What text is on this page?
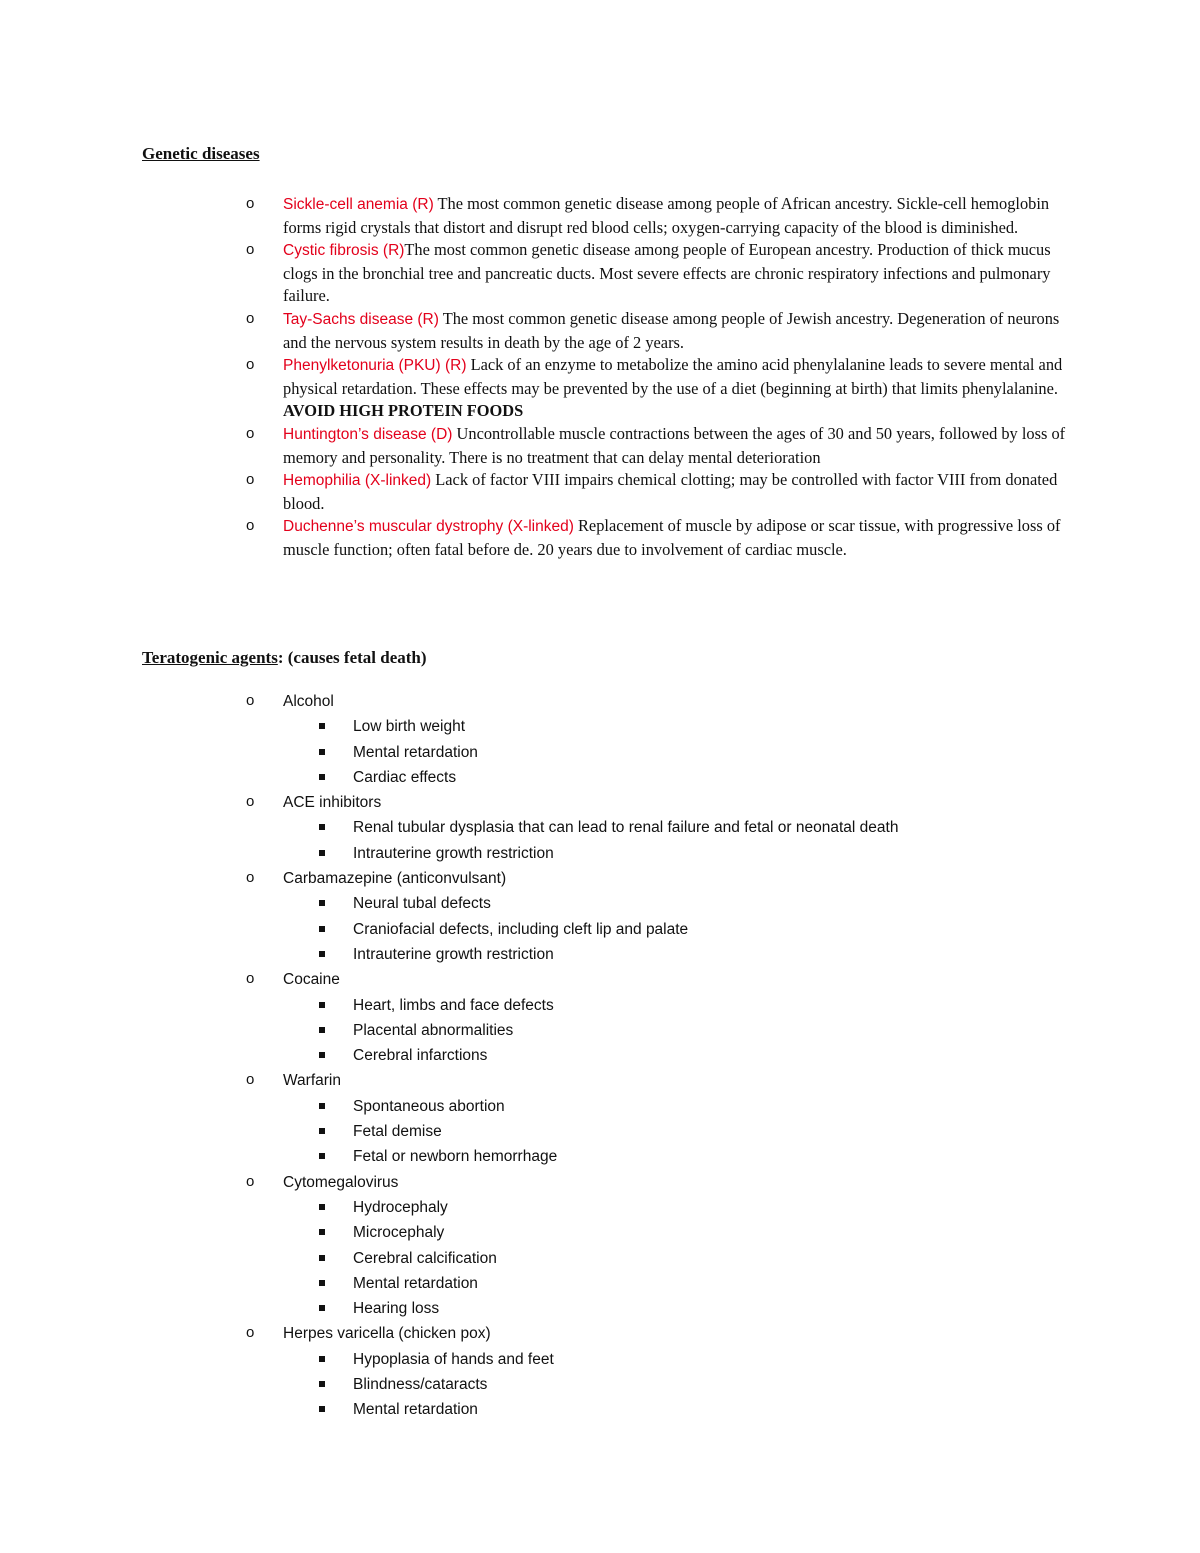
Genetic diseases
o Sickle-cell anemia (R) The most common genetic disease among people of African ancestry. Sickle-cell hemoglobin forms rigid crystals that distort and disrupt red blood cells; oxygen-carrying capacity of the blood is diminished.
o Cystic fibrosis (R)The most common genetic disease among people of European ancestry. Production of thick mucus clogs in the bronchial tree and pancreatic ducts. Most severe effects are chronic respiratory infections and pulmonary failure.
o Tay-Sachs disease (R) The most common genetic disease among people of Jewish ancestry. Degeneration of neurons and the nervous system results in death by the age of 2 years.
o Phenylketonuria (PKU) (R) Lack of an enzyme to metabolize the amino acid phenylalanine leads to severe mental and physical retardation. These effects may be prevented by the use of a diet (beginning at birth) that limits phenylalanine. AVOID HIGH PROTEIN FOODS
o Huntington’s disease (D) Uncontrollable muscle contractions between the ages of 30 and 50 years, followed by loss of memory and personality. There is no treatment that can delay mental deterioration
o Hemophilia (X-linked) Lack of factor VIII impairs chemical clotting; may be controlled with factor VIII from donated blood.
o Duchenne’s muscular dystrophy (X-linked) Replacement of muscle by adipose or scar tissue, with progressive loss of muscle function; often fatal before de. 20 years due to involvement of cardiac muscle.
Teratogenic agents: (causes fetal death)
o Alcohol
Low birth weight
Mental retardation
Cardiac effects
o ACE inhibitors
Renal tubular dysplasia that can lead to renal failure and fetal or neonatal death
Intrauterine growth restriction
o Carbamazepine (anticonvulsant)
Neural tubal defects
Craniofacial defects, including cleft lip and palate
Intrauterine growth restriction
o Cocaine
Heart, limbs and face defects
Placental abnormalities
Cerebral infarctions
o Warfarin
Spontaneous abortion
Fetal demise
Fetal or newborn hemorrhage
o Cytomegalovirus
Hydrocephaly
Microcephaly
Cerebral calcification
Mental retardation
Hearing loss
o Herpes varicella (chicken pox)
Hypoplasia of hands and feet
Blindness/cataracts
Mental retardation
